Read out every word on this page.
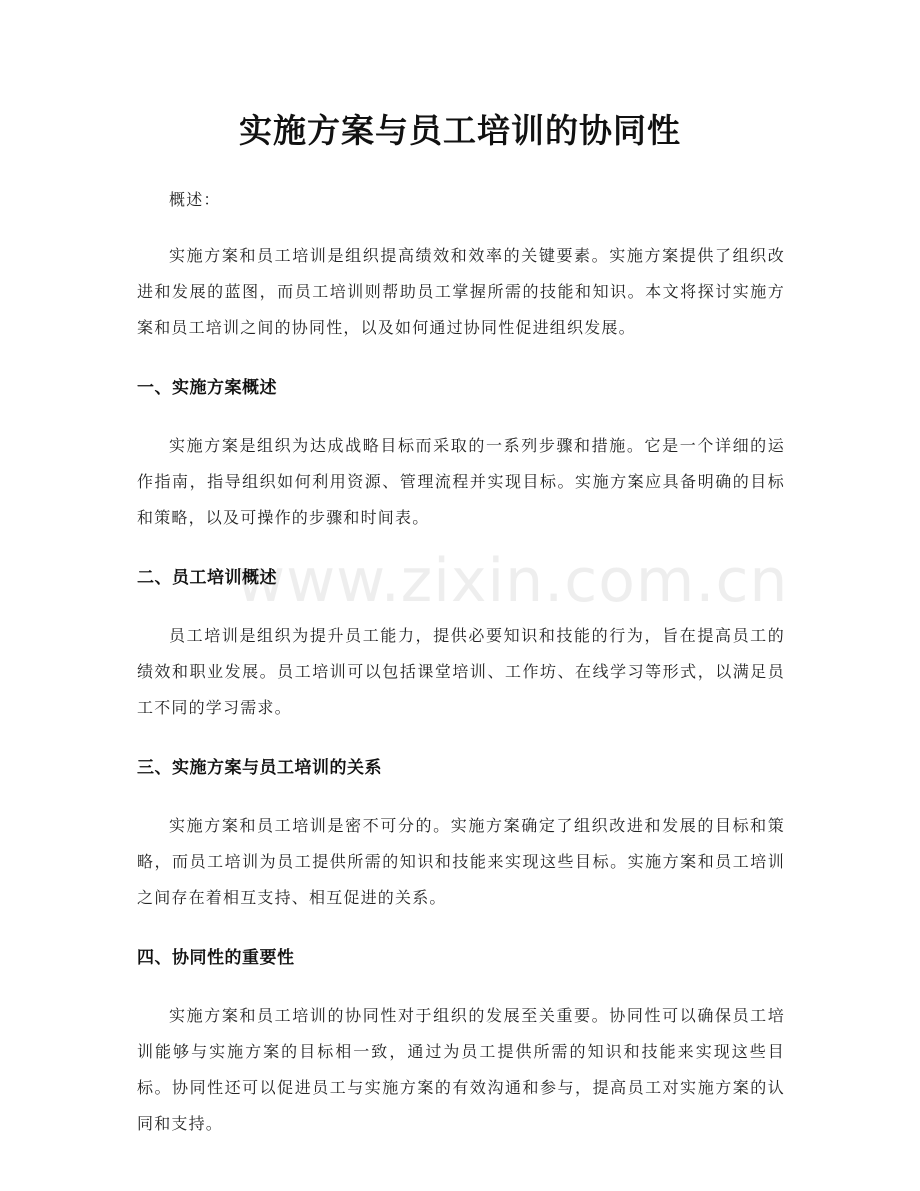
www.zixin.com.cn
实施方案与员工培训的协同性

概述：

实施方案和员工培训是组织提高绩效和效率的关键要素。实施方案提供了组织改进和发展的蓝图，而员工培训则帮助员工掌握所需的技能和知识。本文将探讨实施方案和员工培训之间的协同性，以及如何通过协同性促进组织发展。

一、实施方案概述

实施方案是组织为达成战略目标而采取的一系列步骤和措施。它是一个详细的运作指南，指导组织如何利用资源、管理流程并实现目标。实施方案应具备明确的目标和策略，以及可操作的步骤和时间表。

二、员工培训概述

员工培训是组织为提升员工能力，提供必要知识和技能的行为，旨在提高员工的绩效和职业发展。员工培训可以包括课堂培训、工作坊、在线学习等形式，以满足员工不同的学习需求。

三、实施方案与员工培训的关系

实施方案和员工培训是密不可分的。实施方案确定了组织改进和发展的目标和策略，而员工培训为员工提供所需的知识和技能来实现这些目标。实施方案和员工培训之间存在着相互支持、相互促进的关系。

四、协同性的重要性

实施方案和员工培训的协同性对于组织的发展至关重要。协同性可以确保员工培训能够与实施方案的目标相一致，通过为员工提供所需的知识和技能来实现这些目标。协同性还可以促进员工与实施方案的有效沟通和参与，提高员工对实施方案的认同和支持。
